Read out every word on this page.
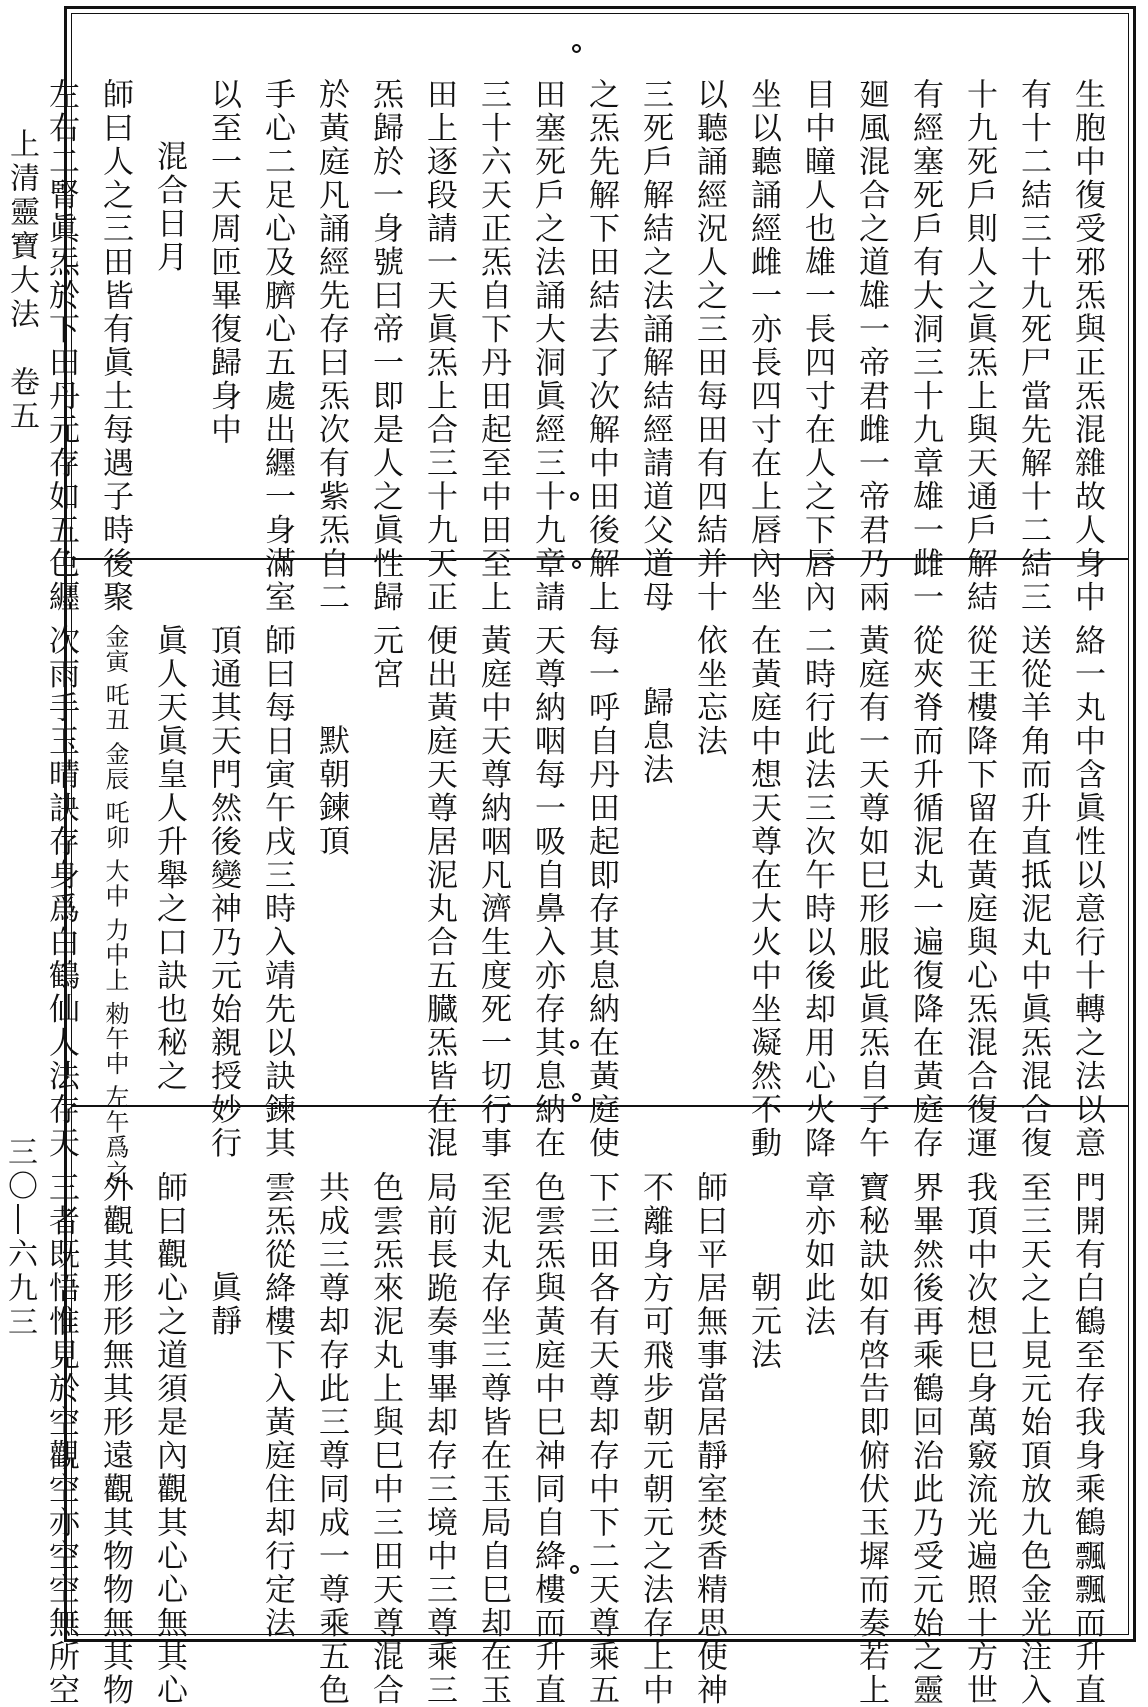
上清靈寶大法　卷五
三〇―六九三
生胞中復受邪炁與正炁混雜故人身中
有十二結三十九死尸當先解十二結三
十九死戶則人之眞炁上與天通戶解結
有經塞死戶有大洞三十九章雄一雌一
廻風混合之道雄一帝君雌一帝君乃兩
目中瞳人也雄一長四寸在人之下唇內
坐以聽誦經雌一亦長四寸在上唇內坐
以聽誦經況人之三田每田有四結并十
三死戶解結之法誦解結經請道父道母
之炁先解下田結去了次解中田後解上
田塞死戶之法誦大洞眞經三十九章請
三十六天正炁自下丹田起至中田至上
田上逐段請一天眞炁上合三十九天正
炁歸於一身號曰帝一即是人之眞性歸
於黃庭凡誦經先存曰炁次有紫炁自二
手心二足心及臍心五處出纒一身滿室
以至一天周匝畢復歸身中
混合日月
師曰人之三田皆有眞土每遇子時後聚
左右二腎眞炁於下田丹元存如五色纒
絡一丸中含眞性以意行十轉之法以意
送從羊角而升直抵泥丸中眞炁混合復
從王樓降下留在黃庭與心炁混合復運
從夾脊而升循泥丸一遍復降在黃庭存
黃庭有一天尊如巳形服此眞炁自子午
二時行此法三次午時以後却用心火降
在黃庭中想天尊在大火中坐凝然不動
依坐忘法
歸息法
每一呼自丹田起即存其息納在黃庭使
天尊納咽每一吸自鼻入亦存其息納在
黃庭中天尊納咽凡濟生度死一切行事
便出黃庭天尊居泥丸合五臓炁皆在混
元宮
默朝鍊頂
師曰每日寅午戌三時入靖先以訣鍊其
頂通其天門然後變神乃元始親授妙行
眞人天眞皇人升舉之口訣也秘之
金寅 吒丑 金辰 吒卯 大中 力中上 勑午中 左午爲之
次雨手玉晴訣存身爲白鶴仙人法存天
門開有白鶴至存我身乘鶴飄飄而升直
至三天之上見元始頂放九色金光注入
我頂中次想巳身萬竅流光遍照十方世
界畢然後再乘鶴回治此乃受元始之靈
寶秘訣如有啓告即俯伏玉墀而奏若上
章亦如此法
朝元法
師曰平居無事當居靜室焚香精思使神
不離身方可飛步朝元朝元之法存上中
下三田各有天尊却存中下二天尊乘五
色雲炁與黃庭中巳神同自絳樓而升直
至泥丸存坐三尊皆在玉局自巳却在玉
局前長跪奏事畢却存三境中三尊乘三
色雲炁來泥丸上與巳中三田天尊混合
共成三尊却存此三尊同成一尊乘五色
雲炁從絳樓下入黃庭住却行定法
眞靜
師曰觀心之道須是內觀其心心無其心
外觀其形形無其形遠觀其物物無其物
三者既悟惟見於空觀空亦空空無所空
